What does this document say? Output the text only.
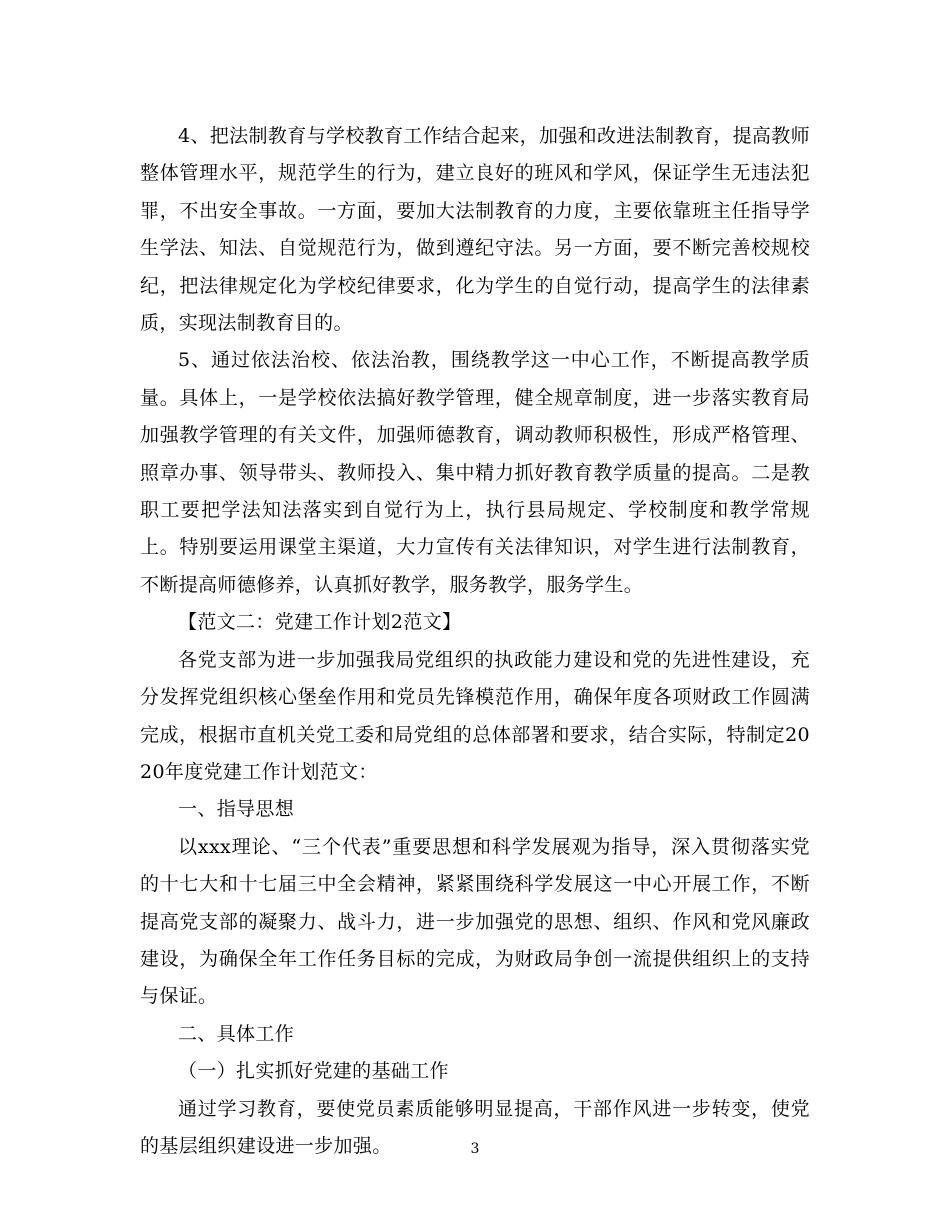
4、把法制教育与学校教育工作结合起来，加强和改进法制教育，提高教师整体管理水平，规范学生的行为，建立良好的班风和学风，保证学生无违法犯罪，不出安全事故。一方面，要加大法制教育的力度，主要依靠班主任指导学生学法、知法、自觉规范行为，做到遵纪守法。另一方面，要不断完善校规校纪，把法律规定化为学校纪律要求，化为学生的自觉行动，提高学生的法律素质，实现法制教育目的。

5、通过依法治校、依法治教，围绕教学这一中心工作，不断提高教学质量。具体上，一是学校依法搞好教学管理，健全规章制度，进一步落实教育局加强教学管理的有关文件，加强师德教育，调动教师积极性，形成严格管理、照章办事、领导带头、教师投入、集中精力抓好教育教学质量的提高。二是教职工要把学法知法落实到自觉行为上，执行县局规定、学校制度和教学常规上。特别要运用课堂主渠道，大力宣传有关法律知识，对学生进行法制教育，不断提高师德修养，认真抓好教学，服务教学，服务学生。

【范文二：党建工作计划2范文】

各党支部为进一步加强我局党组织的执政能力建设和党的先进性建设，充分发挥党组织核心堡垒作用和党员先锋模范作用，确保年度各项财政工作圆满完成，根据市直机关党工委和局党组的总体部署和要求，结合实际，特制定2020年度党建工作计划范文：

一、指导思想

以xxx理论、“三个代表”重要思想和科学发展观为指导，深入贯彻落实党的十七大和十七届三中全会精神，紧紧围绕科学发展这一中心开展工作，不断提高党支部的凝聚力、战斗力，进一步加强党的思想、组织、作风和党风廉政建设，为确保全年工作任务目标的完成，为财政局争创一流提供组织上的支持与保证。

二、具体工作

（一）扎实抓好党建的基础工作

通过学习教育，要使党员素质能够明显提高，干部作风进一步转变，使党的基层组织建设进一步加强。	3
